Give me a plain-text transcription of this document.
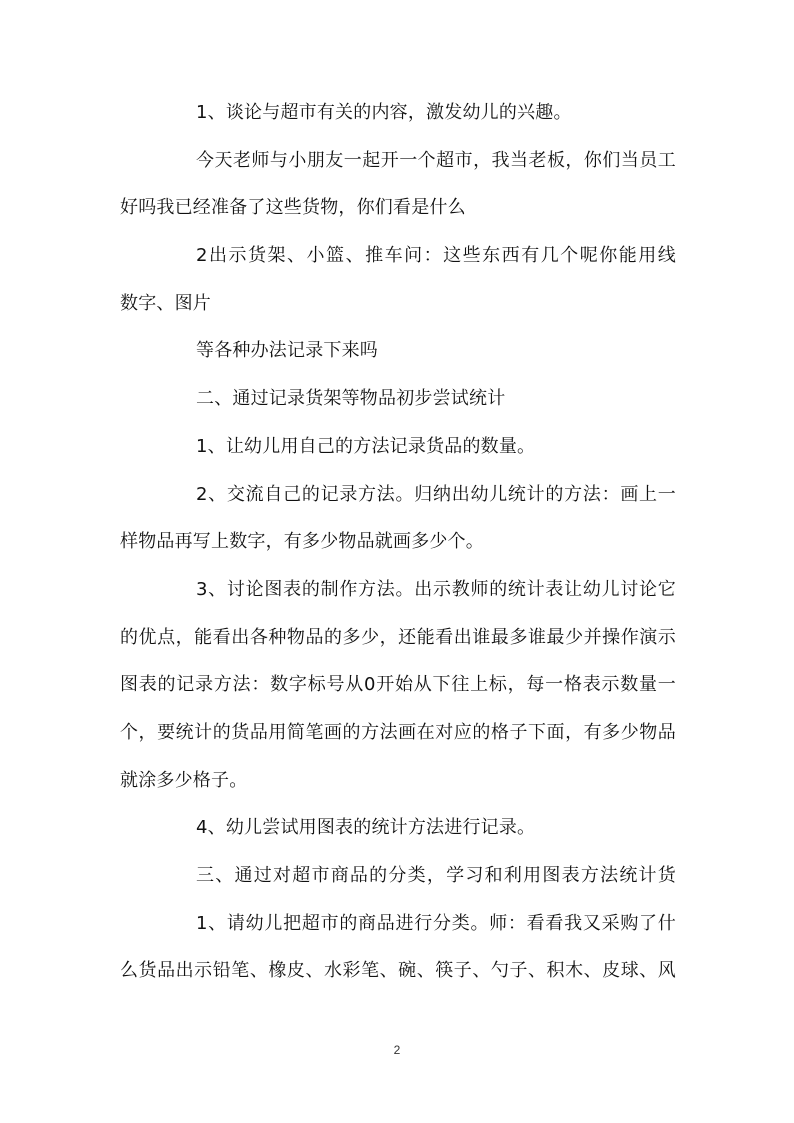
1、谈论与超市有关的内容，激发幼儿的兴趣。
今天老师与小朋友一起开一个超市，我当老板，你们当员工
好吗我已经准备了这些货物，你们看是什么
2出示货架、小篮、推车问：这些东西有几个呢你能用线
数字、图片
等各种办法记录下来吗
二、通过记录货架等物品初步尝试统计
1、让幼儿用自己的方法记录货品的数量。
2、交流自己的记录方法。归纳出幼儿统计的方法：画上一
样物品再写上数字，有多少物品就画多少个。
3、讨论图表的制作方法。出示教师的统计表让幼儿讨论它
的优点，能看出各种物品的多少，还能看出谁最多谁最少并操作演示
图表的记录方法：数字标号从0开始从下往上标，每一格表示数量一
个，要统计的货品用简笔画的方法画在对应的格子下面，有多少物品
就涂多少格子。
4、幼儿尝试用图表的统计方法进行记录。
三、通过对超市商品的分类，学习和利用图表方法统计货
1、请幼儿把超市的商品进行分类。师：看看我又采购了什
么货品出示铅笔、橡皮、水彩笔、碗、筷子、勺子、积木、皮球、风
2
